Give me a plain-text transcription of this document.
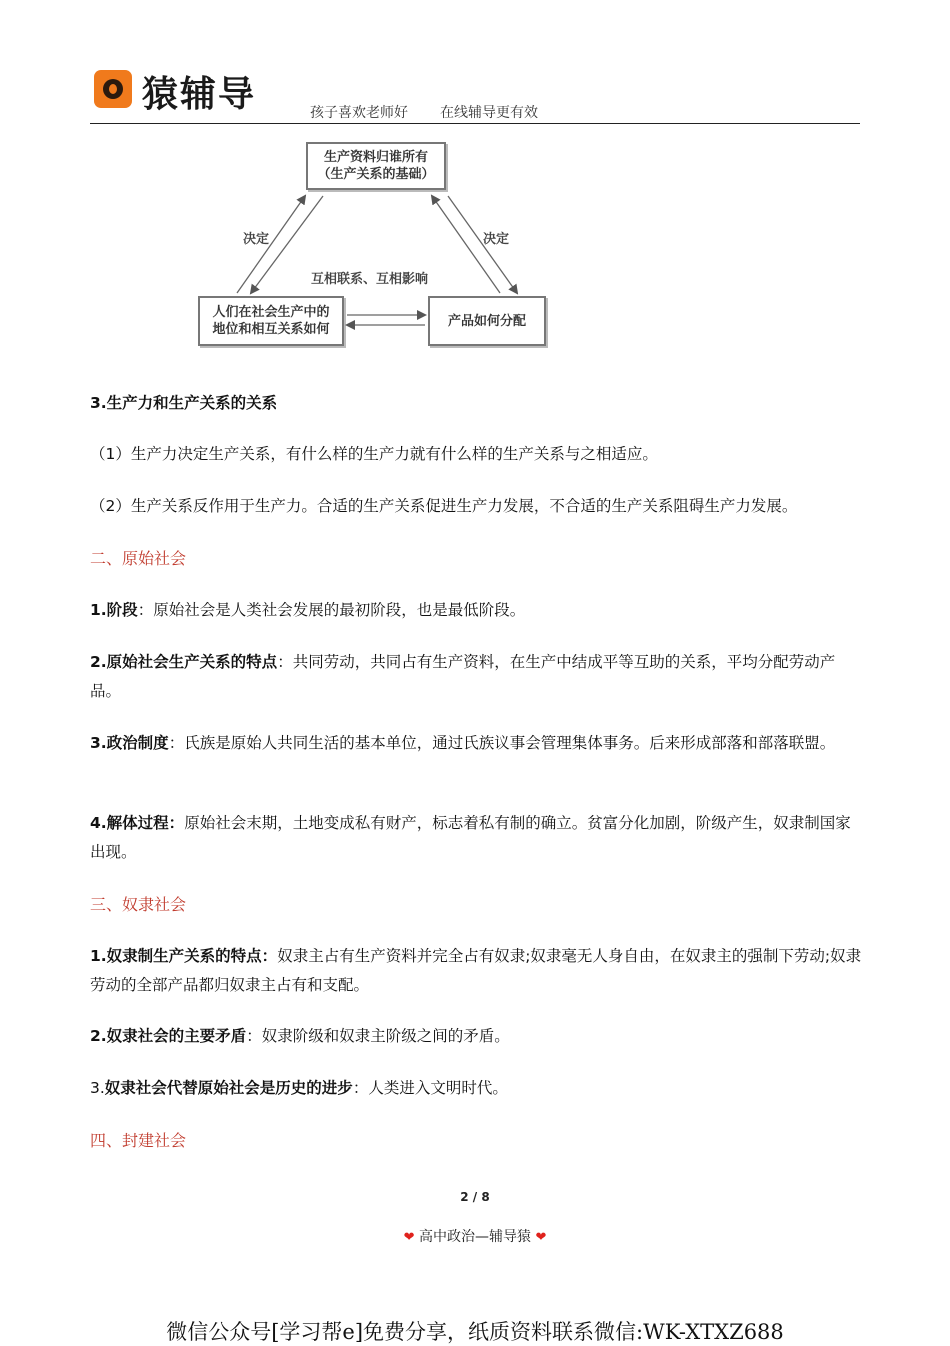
猿辅导	孩子喜欢老师好 在线辅导更有效
生产资料归谁所有
（生产关系的基础）
人们在社会生产中的
地位和相互关系如何
产品如何分配
决定	决定
互相联系、互相影响
3.生产力和生产关系的关系
（1）生产力决定生产关系，有什么样的生产力就有什么样的生产关系与之相适应。
（2）生产关系反作用于生产力。合适的生产关系促进生产力发展，不合适的生产关系阻碍生产力发展。
二、原始社会
1.阶段：原始社会是人类社会发展的最初阶段，也是最低阶段。
2.原始社会生产关系的特点：共同劳动，共同占有生产资料，在生产中结成平等互助的关系，平均分配劳动产品。
3.政治制度：氏族是原始人共同生活的基本单位，通过氏族议事会管理集体事务。后来形成部落和部落联盟。
4.解体过程：原始社会末期，土地变成私有财产，标志着私有制的确立。贫富分化加剧，阶级产生，奴隶制国家出现。
三、奴隶社会
1.奴隶制生产关系的特点：奴隶主占有生产资料并完全占有奴隶;奴隶毫无人身自由，在奴隶主的强制下劳动;奴隶劳动的全部产品都归奴隶主占有和支配。
2.奴隶社会的主要矛盾：奴隶阶级和奴隶主阶级之间的矛盾。
3.奴隶社会代替原始社会是历史的进步：人类进入文明时代。
四、封建社会
2 / 8
❤ 高中政治—辅导猿 ❤
微信公众号[学习帮e]免费分享，纸质资料联系微信:WK-XTXZ688
